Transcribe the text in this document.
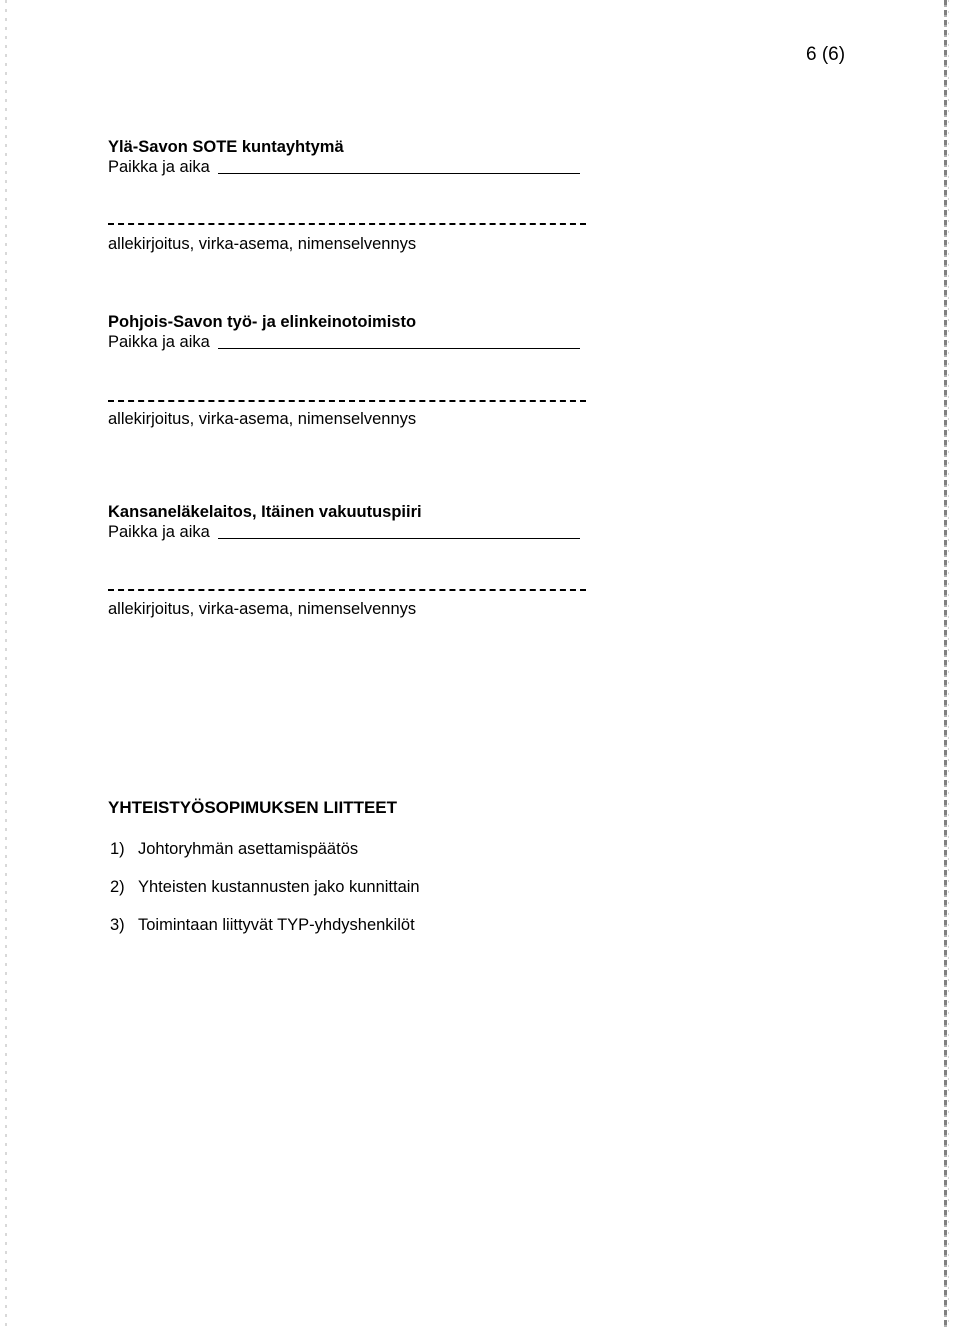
6 (6)
Ylä-Savon SOTE kuntayhtymä
Paikka ja aika
allekirjoitus, virka-asema, nimenselvennys
Pohjois-Savon työ- ja elinkeinotoimisto
Paikka ja aika
allekirjoitus, virka-asema, nimenselvennys
Kansaneläkelaitos, Itäinen vakuutuspiiri
Paikka ja aika
allekirjoitus, virka-asema, nimenselvennys
YHTEISTYÖSOPIMUKSEN LIITTEET
1) Johtoryhmän asettamispäätös
2) Yhteisten kustannusten jako kunnittain
3) Toimintaan liittyvät TYP-yhdyshenkilöt
